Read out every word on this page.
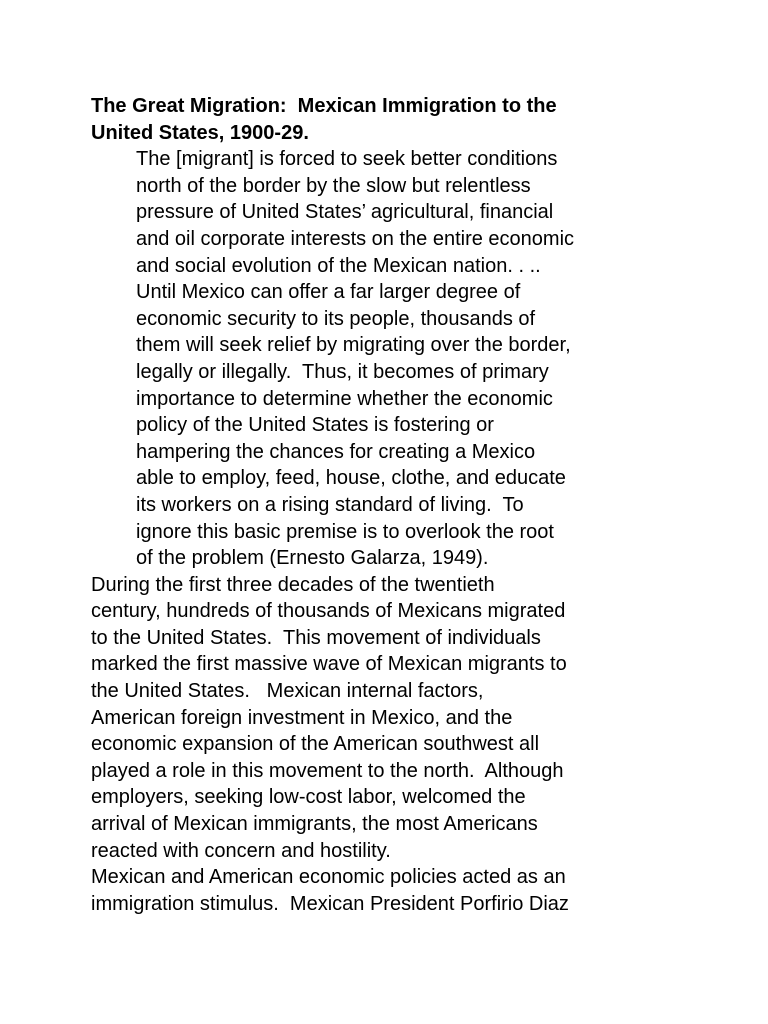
The Great Migration:  Mexican Immigration to the
United States, 1900-29.
The [migrant] is forced to seek better conditions
north of the border by the slow but relentless
pressure of United States’ agricultural, financial
and oil corporate interests on the entire economic
and social evolution of the Mexican nation. . ..
Until Mexico can offer a far larger degree of
economic security to its people, thousands of
them will seek relief by migrating over the border,
legally or illegally.  Thus, it becomes of primary
importance to determine whether the economic
policy of the United States is fostering or
hampering the chances for creating a Mexico
able to employ, feed, house, clothe, and educate
its workers on a rising standard of living.  To
ignore this basic premise is to overlook the root
of the problem (Ernesto Galarza, 1949).

During the first three decades of the twentieth
century, hundreds of thousands of Mexicans migrated
to the United States.  This movement of individuals
marked the first massive wave of Mexican migrants to
the United States.   Mexican internal factors,
American foreign investment in Mexico, and the
economic expansion of the American southwest all
played a role in this movement to the north.  Although
employers, seeking low-cost labor, welcomed the
arrival of Mexican immigrants, the most Americans
reacted with concern and hostility.

Mexican and American economic policies acted as an
immigration stimulus.  Mexican President Porfirio Diaz
